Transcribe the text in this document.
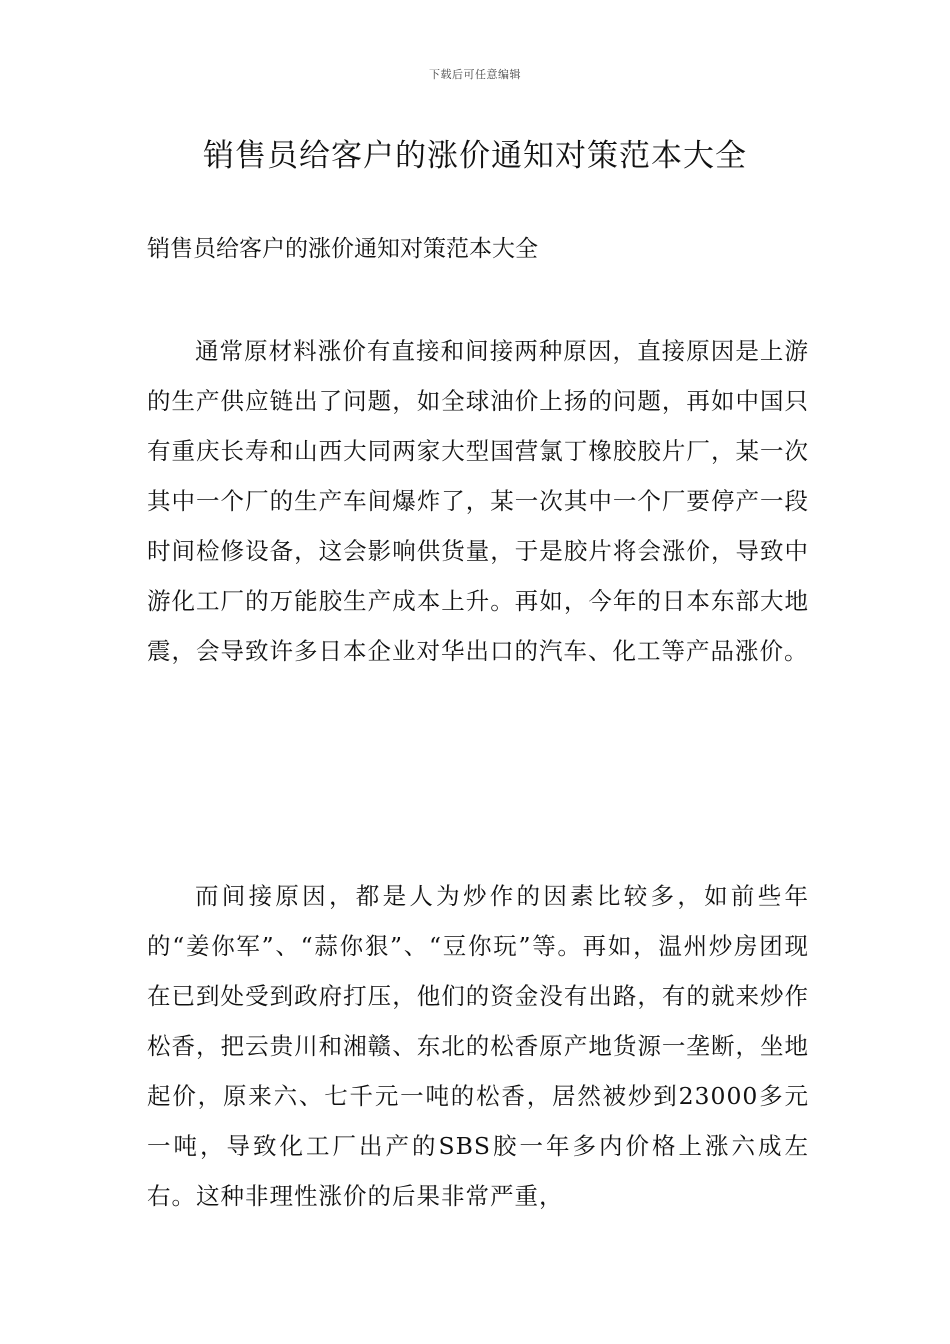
下载后可任意编辑
销售员给客户的涨价通知对策范本大全

销售员给客户的涨价通知对策范本大全

通常原材料涨价有直接和间接两种原因，直接原因是上游的生产供应链出了问题，如全球油价上扬的问题，再如中国只有重庆长寿和山西大同两家大型国营氯丁橡胶胶片厂，某一次其中一个厂的生产车间爆炸了，某一次其中一个厂要停产一段时间检修设备，这会影响供货量，于是胶片将会涨价，导致中游化工厂的万能胶生产成本上升。再如，今年的日本东部大地震，会导致许多日本企业对华出口的汽车、化工等产品涨价。

而间接原因，都是人为炒作的因素比较多，如前些年的“姜你军”、“蒜你狠”、“豆你玩”等。再如，温州炒房团现在已到处受到政府打压，他们的资金没有出路，有的就来炒作松香，把云贵川和湘赣、东北的松香原产地货源一垄断，坐地起价，原来六、七千元一吨的松香，居然被炒到23000多元一吨，导致化工厂出产的SBS胶一年多内价格上涨六成左右。这种非理性涨价的后果非常严重，
